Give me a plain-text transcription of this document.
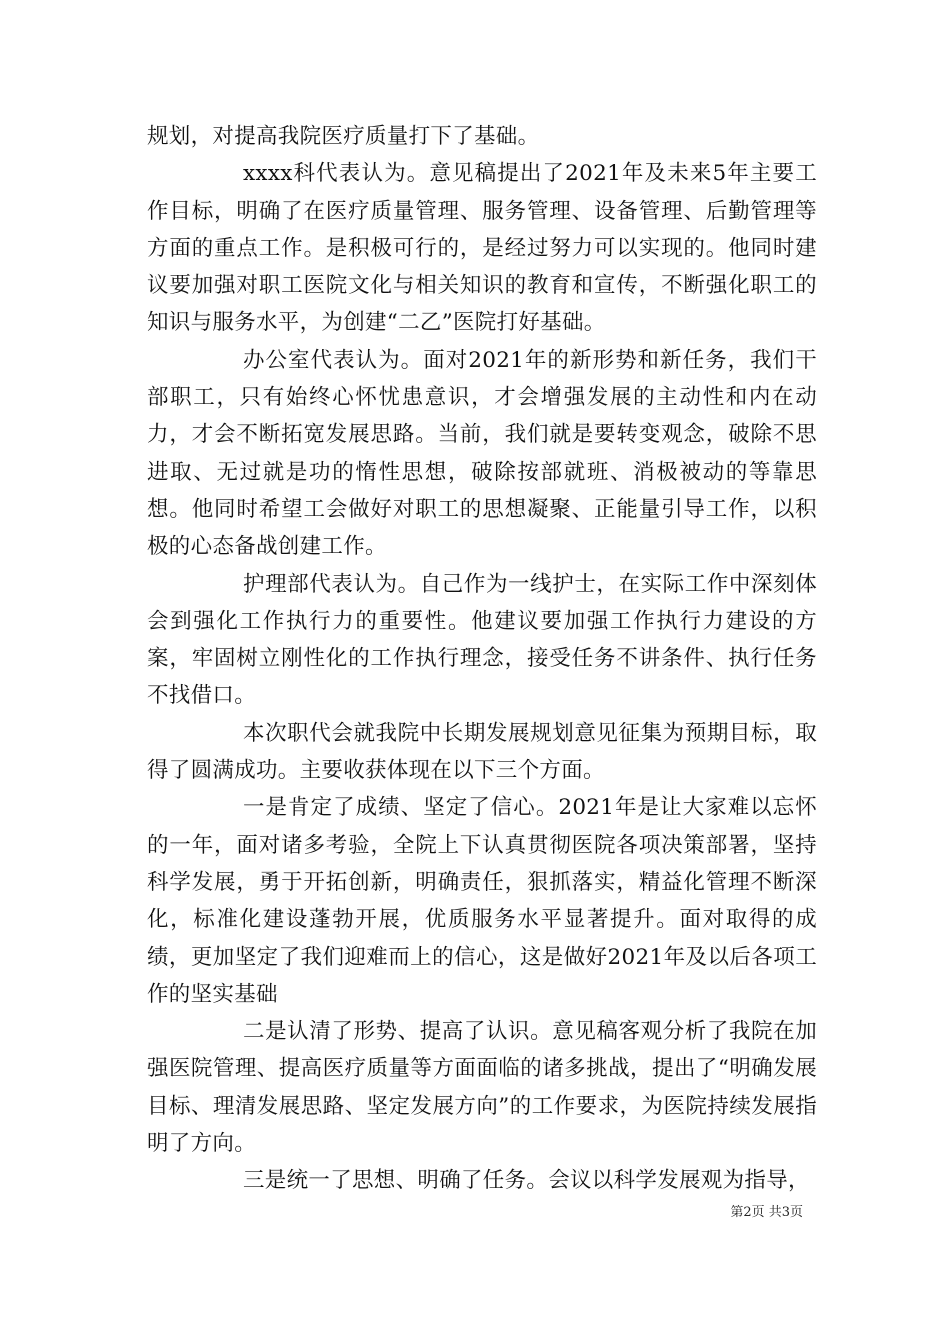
规划，对提高我院医疗质量打下了基础。

xxxx科代表认为。意见稿提出了2021年及未来5年主要工作目标，明确了在医疗质量管理、服务管理、设备管理、后勤管理等方面的重点工作。是积极可行的，是经过努力可以实现的。他同时建议要加强对职工医院文化与相关知识的教育和宣传，不断强化职工的知识与服务水平，为创建“二乙”医院打好基础。

办公室代表认为。面对2021年的新形势和新任务，我们干部职工，只有始终心怀忧患意识，才会增强发展的主动性和内在动力，才会不断拓宽发展思路。当前，我们就是要转变观念，破除不思进取、无过就是功的惰性思想，破除按部就班、消极被动的等靠思想。他同时希望工会做好对职工的思想凝聚、正能量引导工作，以积极的心态备战创建工作。

护理部代表认为。自己作为一线护士，在实际工作中深刻体会到强化工作执行力的重要性。他建议要加强工作执行力建设的方案，牢固树立刚性化的工作执行理念，接受任务不讲条件、执行任务不找借口。

本次职代会就我院中长期发展规划意见征集为预期目标，取得了圆满成功。主要收获体现在以下三个方面。

一是肯定了成绩、坚定了信心。2021年是让大家难以忘怀的一年，面对诸多考验，全院上下认真贯彻医院各项决策部署，坚持科学发展，勇于开拓创新，明确责任，狠抓落实，精益化管理不断深化，标准化建设蓬勃开展，优质服务水平显著提升。面对取得的成绩，更加坚定了我们迎难而上的信心，这是做好2021年及以后各项工作的坚实基础

二是认清了形势、提高了认识。意见稿客观分析了我院在加强医院管理、提高医疗质量等方面面临的诸多挑战，提出了“明确发展目标、理清发展思路、坚定发展方向”的工作要求，为医院持续发展指明了方向。

三是统一了思想、明确了任务。会议以科学发展观为指导，

第2页 共3页
